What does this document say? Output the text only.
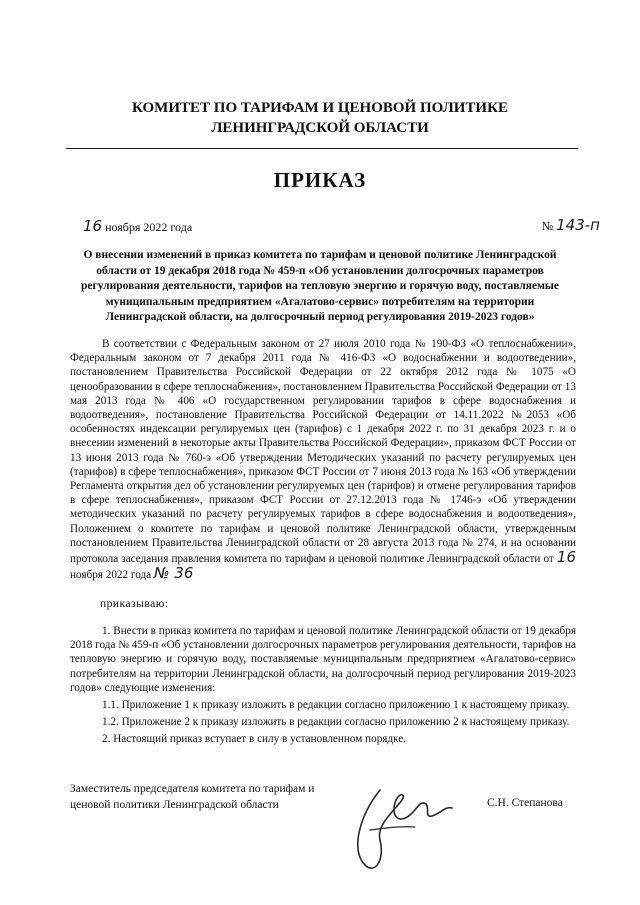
КОМИТЕТ ПО ТАРИФАМ И ЦЕНОВОЙ ПОЛИТИКЕ
ЛЕНИНГРАДСКОЙ ОБЛАСТИ
ПРИКАЗ
16 ноября 2022 года	№ 143-п
О внесении изменений в приказ комитета по тарифам и ценовой политике Ленинградской области от 19 декабря 2018 года № 459-п «Об установлении долгосрочных параметров регулирования деятельности, тарифов на тепловую энергию и горячую воду, поставляемые муниципальным предприятием «Агалатово-сервис» потребителям на территории Ленинградской области, на долгосрочный период регулирования 2019-2023 годов»

В соответствии с Федеральным законом от 27 июля 2010 года № 190-ФЗ «О теплоснабжении», Федеральным законом от 7 декабря 2011 года № 416-ФЗ «О водоснабжении и водоотведении», постановлением Правительства Российской Федерации от 22 октября 2012 года № 1075 «О ценообразовании в сфере теплоснабжения», постановлением Правительства Российской Федерации от 13 мая 2013 года № 406 «О государственном регулировании тарифов в сфере водоснабжения и водоотведения», постановление Правительства Российской Федерации от 14.11.2022 №2053 «Об особенностях индексации регулируемых цен (тарифов) с 1 декабря 2022 г. по 31 декабря 2023 г. и о внесении изменений в некоторые акты Правительства Российской Федерации», приказом ФСТ России от 13 июня 2013 года № 760-э «Об утверждении Методических указаний по расчету регулируемых цен (тарифов) в сфере теплоснабжения», приказом ФСТ России от 7 июня 2013 года № 163 «Об утверждении Регламента открытия дел об установлении регулируемых цен (тарифов) и отмене регулирования тарифов в сфере теплоснабжения», приказом ФСТ России от 27.12.2013 года № 1746-э «Об утверждении методических указаний по расчету регулируемых тарифов в сфере водоснабжения и водоотведения», Положением о комитете по тарифам и ценовой политике Ленинградской области, утвержденным постановлением Правительства Ленинградской области от 28 августа 2013 года № 274, и на основании протокола заседания правления комитета по тарифам и ценовой политике Ленинградской области от 16 ноября 2022 года № 36

приказываю:

1. Внести в приказ комитета по тарифам и ценовой политике Ленинградской области от 19 декабря 2018 года № 459-п «Об установлении долгосрочных параметров регулирования деятельности, тарифов на тепловую энергию и горячую воду, поставляемые муниципальным предприятием «Агалатово-сервис» потребителям на территории Ленинградской области, на долгосрочный период регулирования 2019-2023 годов» следующие изменения:

1.1. Приложение 1 к приказу изложить в редакции согласно приложению 1 к настоящему приказу.

1.2. Приложение 2 к приказу изложить в редакции согласно приложению 2 к настоящему приказу.

2. Настоящий приказ вступает в силу в установленном порядке.

Заместитель председателя комитета по тарифам и
ценовой политики Ленинградской области	С.Н. Степанова
